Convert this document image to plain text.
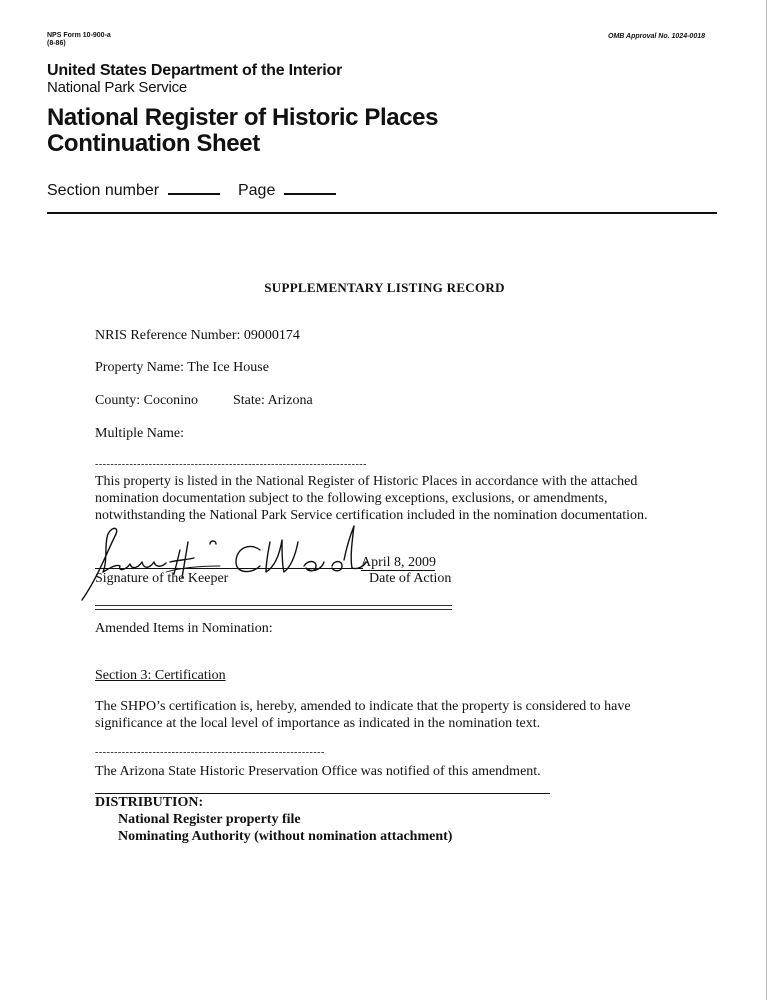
NPS Form 10-900-a
(8-86)
OMB Approval No. 1024-0018
United States Department of the Interior
National Park Service
National Register of Historic Places
Continuation Sheet
Section number	Page
SUPPLEMENTARY LISTING RECORD
NRIS Reference Number: 09000174
Property Name: The Ice House
County: Coconino State: Arizona
Multiple Name:
-----------------------------------------------------------------------
This property is listed in the National Register of Historic Places in accordance with the attached nomination documentation subject to the following exceptions, exclusions, or amendments, notwithstanding the National Park Service certification included in the nomination documentation.
April 8, 2009
Signature of the Keeper	Date of Action
Amended Items in Nomination:
Section 3: Certification
The SHPO’s certification is, hereby, amended to indicate that the property is considered to have
significance at the local level of importance as indicated in the nomination text.
------------------------------------------------------------
The Arizona State Historic Preservation Office was notified of this amendment.
DISTRIBUTION:
National Register property file
Nominating Authority (without nomination attachment)
